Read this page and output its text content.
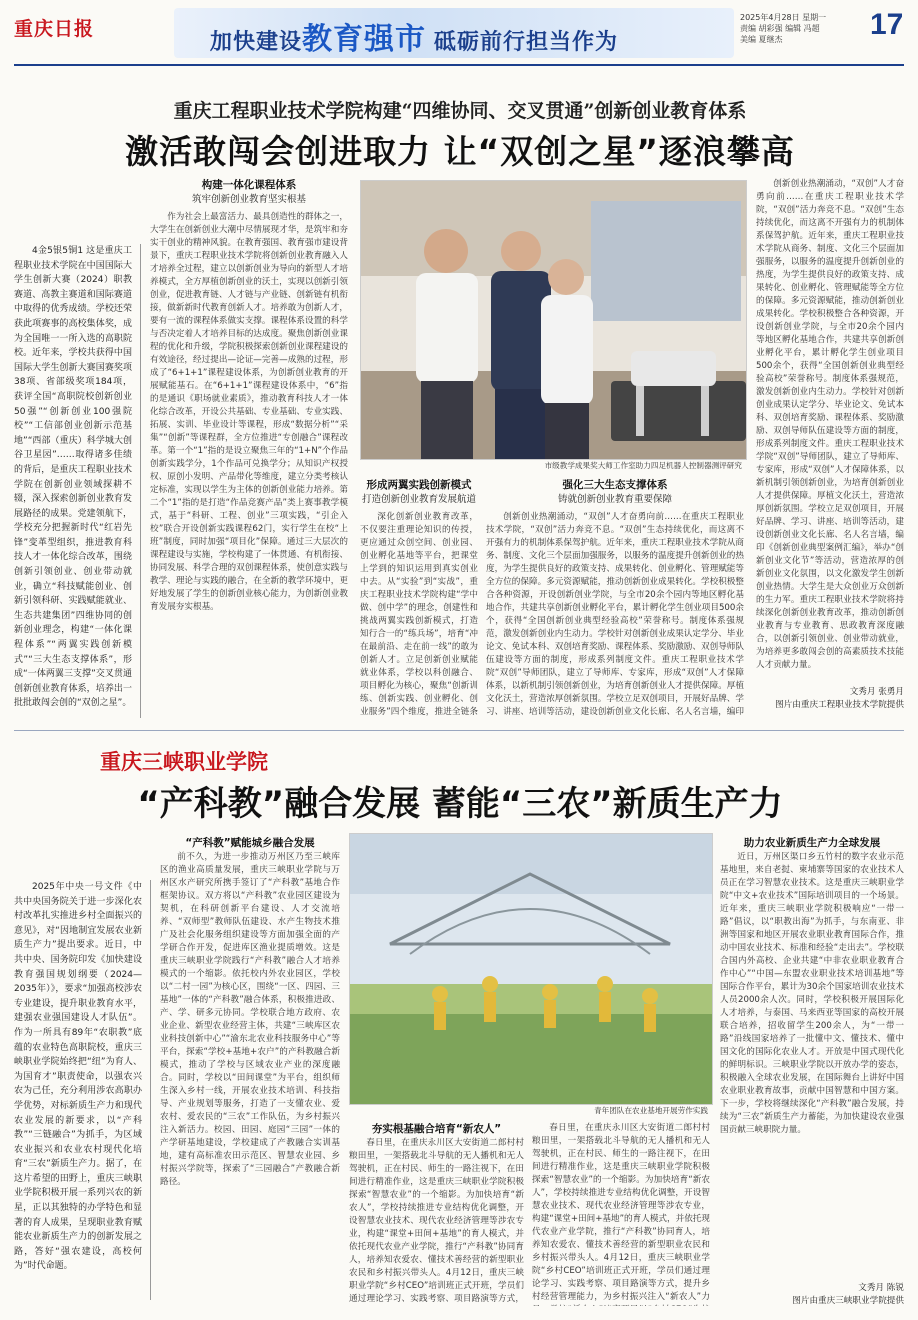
重庆日报
加快建设教育强市 砥砺前行担当作为
2025年4月28日 星期一
责编 胡彩强 编辑 冯超
美编 夏继杰	17
重庆工程职业技术学院构建“四维协同、交叉贯通”创新创业教育体系
激活敢闯会创进取力 让“双创之星”逐浪攀高

4金5银5铜1 这是重庆工程职业技术学院在中国国际大学生创新大赛（2024）职教赛道、高教主赛道和国际赛道中取得的优秀成绩。学校还荣获此项赛事的高校集体奖，成为全国唯一一所入选的高职院校。近年来，学校共获得中国国际大学生创新大赛国赛奖项38项、省部级奖项184项，获评全国“高职院校创新创业50强”“创新创业100强院校”“工信部创业创新示范基地”“西部（重庆）科学城大创谷卫星园”……取得诸多佳绩的背后，是重庆工程职业技术学院在创新创业领域探耕不辍，深入探索创新创业教育发展路径的成果。党建领航下，学校充分把握新时代“红岩先锋”变革型组织，推进教育科技人才一体化综合改革，围绕创新引领创业、创业带动就业，确立“科技赋能创业、创新引领科研、实践赋能就业、生态共建集团”四维协同的创新创业理念，构建“一体化课程体系”“两翼实践创新模式”“三大生态支撑体系”，形成“一体两翼三支撑”交叉贯通创新创业教育体系，培养出一批批敢闯会创的“双创之星”。

构建一体化课程体系
筑牢创新创业教育坚实根基

作为社会上最富活力、最具创造性的群体之一，大学生在创新创业大潮中尽情展现才华，是筑牢和夯实干创业的精神风貌。在教育强国、教育强市建设背景下，重庆工程职业技术学院将创新创业教育融入人才培养全过程，建立以创新创业为导向的新型人才培养模式，全方厚植创新创业的沃土，实现以创新引领创业，促进教育链、人才链与产业链、创新链有机衔接，做新新时代教育创新人才。培养敢为创新人才，要有一流的课程体系做实支撑。课程体系设置的科学与否决定着人才培养目标的达成度。聚焦创新创业课程的优化和升级，学院积极探索创新创业课程建设的有效途径，经过提出—论证—完善—成熟的过程，形成了“6+1+1”课程建设体系，为创新创业教育的开展赋能基石。在“6+1+1”课程建设体系中，“6”指的是通识《职场就业素质》，推动教育科技人才一体化综合改革，开设公共基础、专业基础、专业实践、拓展、实训、毕业设计等课程，形成“数据分析”“采集”“创新”等课程群，全方位推进“专创融合”课程改革。第一个“1”指的是设立聚焦三年的“1+N”个作品创新实践学分，1个作品可兑换学分；从知识产权授权、原创小发明、产品带化等维度，建立分类考核认定标准，实现以学生为主体的创新创业能力培养。第二个“1”指的是打造“作品竞赛产品”类上赛事教学模式，基于“科研、工程、创业”三项实践，“引企入校”联合开设创新实践课程62门，实行学生在校“上班”制度，同时加强“项目化”保障。通过三大层次的课程建设与实施，学校构建了一体贯通、有机衔接、协同发展、科学合理的双创课程体系，使创意实践与教学、理论与实践的融合，在全新的教学环境中，更好地发展了学生的创新创业核心能力，为创新创业教育发展夯实根基。

市级教学成果奖大师工作室助力四足机器人控制器测评研究
形成两翼实践创新模式
打造创新创业教育发展航道

深化创新创业教育改革，不仅要注重理论知识的传授，更应通过众创空间、创业园、创业孵化基地等平台，把课堂上学到的知识运用到真实创业中去。从“实验”到“实战”，重庆工程职业技术学院构建“学中做、创中学”的理念，创建性和挑战两翼实践创新模式，打造知行合一的“练兵场”，培育“冲在最前沿、走在前一线”的敢为创新人才。立足创新创业赋能就业体系，学校以科创融合、项目孵化为核心，聚焦“创新训练、创新实践、创业孵化、创业服务”四个维度，推进全链条

强化三大生态支撑体系
铸就创新创业教育重要保障

创新创业热潮涌动，“双创”人才奋勇向前……在重庆工程职业技术学院，“双创”活力奔竞不息。“双创”生态持续优化，而这离不开强有力的机制体系保驾护航。近年来，重庆工程职业技术学院从商务、制度、文化三个层面加强服务，以服务的温度提升创新创业的热度，为学生提供良好的政策支持、成果转化、创业孵化、管理赋能等全方位的保障。多元资源赋能，推动创新创业成果转化。学校积极整合各种资源，开设创新创业学院，与全市20余个园内等地区孵化基地合作，共建共享创新创业孵化平台，累计孵化学生创业项目500余个，获得“全国创新创业典型经验高校”荣誉称号。制度体系强规范，激发创新创业内生动力。学校针对创新创业成果认定学分、毕业论文、免试本科、双创培育奖励、课程体系、奖励激励、双创导师队伍建设等方面的制度，形成系列制度文件。重庆工程职业技术学院“双创”导师团队，建立了导师库、专家库，形成“双创”人才保障体系，以新机制引领创新创业，为培育创新创业人才提供保障。厚植文化沃土，营造浓厚创新氛围。学校立足双创项目，开展好品牌、学习、讲座、培训等活动，建设创新创业文化长廊、名人名言墙，编印

创新创业热潮涌动，“双创”人才奋勇向前……在重庆工程职业技术学院，“双创”活力奔竞不息。“双创”生态持续优化，而这离不开强有力的机制体系保驾护航。近年来，重庆工程职业技术学院从商务、制度、文化三个层面加强服务，以服务的温度提升创新创业的热度，为学生提供良好的政策支持、成果转化、创业孵化、管理赋能等全方位的保障。多元资源赋能，推动创新创业成果转化。学校积极整合各种资源，开设创新创业学院，与全市20余个园内等地区孵化基地合作，共建共享创新创业孵化平台，累计孵化学生创业项目500余个，获得“全国创新创业典型经验高校”荣誉称号。制度体系强规范，激发创新创业内生动力。学校针对创新创业成果认定学分、毕业论文、免试本科、双创培育奖励、课程体系、奖励激励、双创导师队伍建设等方面的制度，形成系列制度文件。重庆工程职业技术学院“双创”导师团队，建立了导师库、专家库，形成“双创”人才保障体系，以新机制引领创新创业，为培育创新创业人才提供保障。厚植文化沃土，营造浓厚创新氛围。学校立足双创项目，开展好品牌、学习、讲座、培训等活动，建设创新创业文化长廊、名人名言墙，编印《创新创业典型案例汇编》，举办“创新创业文化节”等活动，营造浓厚的创新创业文化氛围，以文化激发学生创新创业热情。大学生是大众创业万众创新的生力军。重庆工程职业技术学院将持续深化创新创业教育改革，推动创新创业教育与专业教育、思政教育深度融合，以创新引领创业、创业带动就业，为培养更多敢闯会创的高素质技术技能人才贡献力量。

文秀月 张勇月
图片由重庆工程职业技术学院提供
重庆三峡职业学院
“产科教”融合发展 蓄能“三农”新质生产力

2025年中央一号文件《中共中央国务院关于进一步深化农村改革扎实推进乡村全面振兴的意见》，对“因地制宜发展农业新质生产力”提出要求。近日，中共中央、国务院印发《加快建设教育强国规划纲要（2024—2035年）》，要求“加强高校涉农专业建设，提升职业教育水平，建强农业强国建设人才队伍”。作为一所具有89年“农职教”底蕴的农业特色高职院校，重庆三峡职业学院始终把“纽”为育人、为国育才”职责使命，以强农兴农为己任，充分利用涉农高职办学优势，对标新质生产力和现代农业发展的新要求，以“产科教”“三链融合”为抓手，为区域农业振兴和农业农村现代化培育“三农”新质生产力。据了，在这片希望的田野上，重庆三峡职业学院积极开展一系列兴农的新星，正以其独特的办学特色和显著的育人成果，呈现职业教育赋能农业新质生产力的创新发展之路，答好“强农建设，高校何为”时代命题。

“产科教”赋能城乡融合发展

前不久，为进一步推动万州区乃至三峡库区的渔业高质量发展，重庆三峡职业学院与万州区水产研究所携手签订了“产科教”基地合作框架协议。双方将以“产科教”农业园区建设为契机，在科研创新平台建设、人才交流培养、“双师型”教师队伍建设、水产生物技术推广及社会化服务组织建设等方面加强全面的产学研合作开发，促进库区渔业提质增效。这是重庆三峡职业学院践行“产科教”融合人才培养模式的一个缩影。依托校内外农业园区，学校以“二村一园”为核心区，围绕“一区、四园、三基地”一体的“产科教”融合体系，积极推进政、产、学、研多元协同。学校联合地方政府、农业企业、新型农业经营主体，共建“三峡库区农业科技创新中心”“渝东北农业科技服务中心”等平台，探索“学校+基地+农户”的产科教融合新模式，推动了学校与区域农业产业的深度融合。同时，学校以“田间课堂”为平台，组织师生深入乡村一线，开展农业技术培训、科技指导、产业规划等服务，打造了一支懂农业、爱农村、爱农民的“三农”工作队伍，为乡村振兴注入新活力。校园、田园、庭园“三园”一体的产学研基地建设，学校建成了产教融合实训基地，建有高标准农田示范区、智慧农业园、乡村振兴学院等，探索了“三园融合”产教融合新路径。

青年团队在农业基地开展劳作实践
夯实根基融合培育“新农人”

春日里，在重庆永川区大安街道二郎村村粮田里，一架搭载北斗导航的无人播机和无人驾驶机，正在村民、师生的一路注视下，在田间进行精准作业，这是重庆三峡职业学院积极探索“智慧农业”的一个缩影。为加快培育“新农人”，学校持续推进专业结构优化调整，开设智慧农业技术、现代农业经济管理等涉农专业，构建“课堂+田间+基地”的育人模式，并依托现代农业产业学院，推行“产科教”协同育人，培养知农爱农、懂技术善经营的新型职业农民和乡村振兴带头人。4月12日，重庆三峡职业学院“乡村CEO”培训班正式开班，学员们通过理论学习、实践考察、项目路演等方式，

春日里，在重庆永川区大安街道二郎村村粮田里，一架搭载北斗导航的无人播机和无人驾驶机，正在村民、师生的一路注视下，在田间进行精准作业，这是重庆三峡职业学院积极探索“智慧农业”的一个缩影。为加快培育“新农人”，学校持续推进专业结构优化调整，开设智慧农业技术、现代农业经济管理等涉农专业，构建“课堂+田间+基地”的育人模式，并依托现代农业产业学院，推行“产科教”协同育人，培养知农爱农、懂技术善经营的新型职业农民和乡村振兴带头人。4月12日，重庆三峡职业学院“乡村CEO”培训班正式开班，学员们通过理论学习、实践考察、项目路演等方式，提升乡村经营管理能力，为乡村振兴注入“新农人”力

助力农业新质生产力全球发展

近日，万州区渠口乡五竹村的数字农业示范基地里，来自老挝、柬埔寨等国家的农业技术人员正在学习智慧农业技术。这是重庆三峡职业学院“中文+农业技术”国际培训项目的一个场景。近年来，重庆三峡职业学院积极响应“一带一路”倡议，以“职教出海”为抓手，与东南亚、非洲等国家和地区开展农业职业教育国际合作，推动中国农业技术、标准和经验“走出去”。学校联合国内外高校、企业共建“中非农业职业教育合作中心”“中国—东盟农业职业技术培训基地”等国际合作平台，累计为30余个国家培训农业技术人员2000余人次。同时，学校积极开展国际化人才培养，与泰国、马来西亚等国家的高校开展联合培养，招收留学生200余人，为“一带一路”沿线国家培养了一批懂中文、懂技术、懂中国文化的国际化农业人才。开放是中国式现代化的鲜明标识。三峡职业学院以开放办学的姿态，积极融入全球农业发展，在国际舞台上讲好中国农业职业教育故事，贡献中国智慧和中国方案。下一步，学校将继续深化“产科教”融合发展，持续为“三农”新质生产力蓄能，为加快建设农业强国贡献三峡职院力量。

文秀月 陈锐
图片由重庆三峡职业学院提供
